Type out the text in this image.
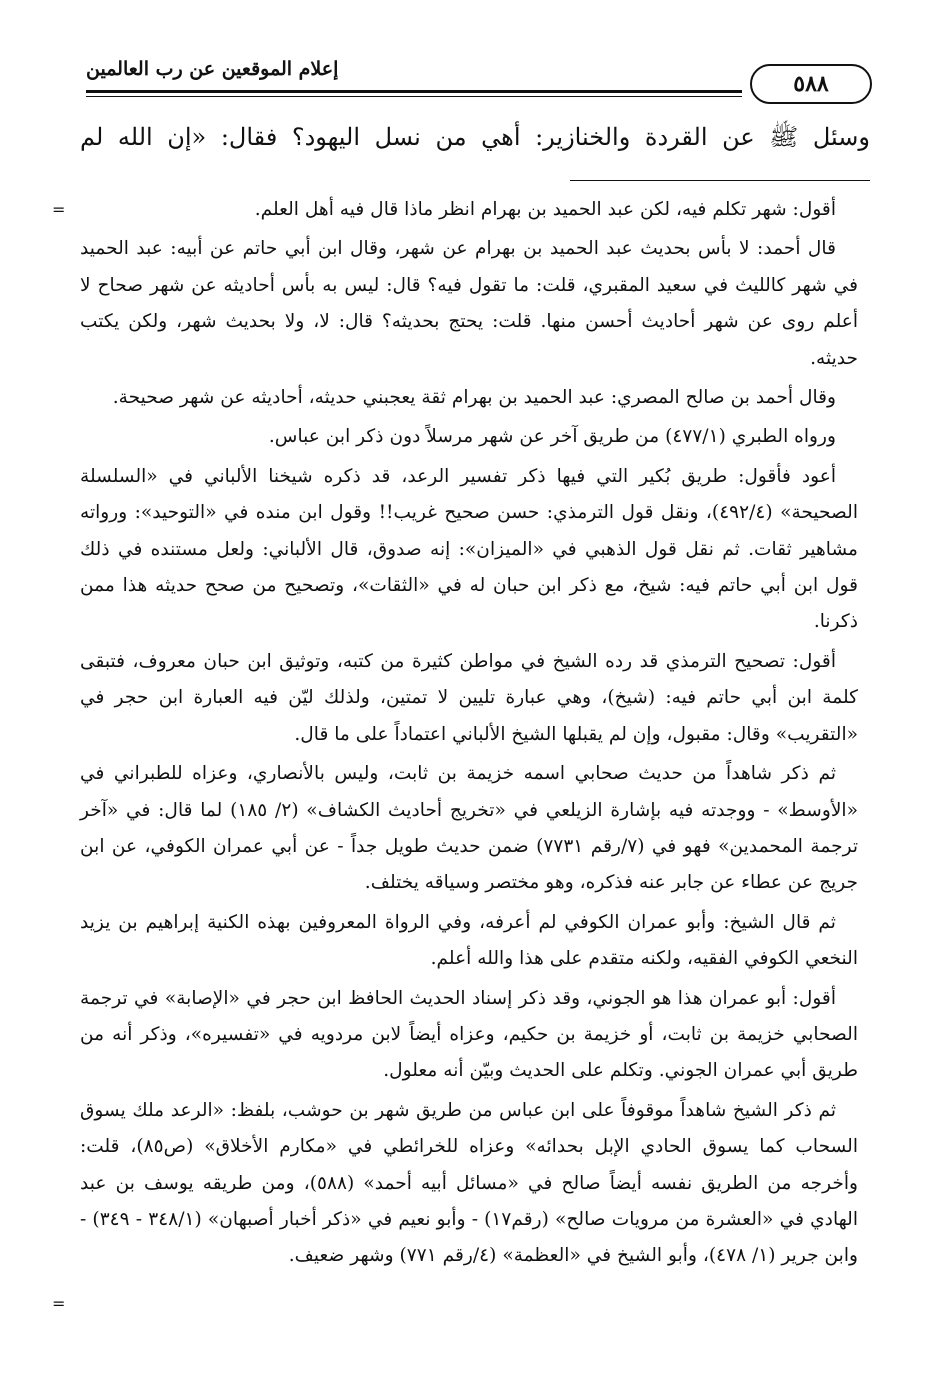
إعلام الموقعين عن رب العالمين
٥٨٨
وسئل ﷺ عن القردة والخنازير: أهي من نسل اليهود؟ فقال: «إن الله لم
=
=

أقول: شهر تكلم فيه، لكن عبد الحميد بن بهرام انظر ماذا قال فيه أهل العلم.

قال أحمد: لا بأس بحديث عبد الحميد بن بهرام عن شهر، وقال ابن أبي حاتم عن أبيه: عبد الحميد في شهر كالليث في سعيد المقبري، قلت: ما تقول فيه؟ قال: ليس به بأس أحاديثه عن شهر صحاح لا أعلم روى عن شهر أحاديث أحسن منها. قلت: يحتج بحديثه؟ قال: لا، ولا بحديث شهر، ولكن يكتب حديثه.

وقال أحمد بن صالح المصري: عبد الحميد بن بهرام ثقة يعجبني حديثه، أحاديثه عن شهر صحيحة.

ورواه الطبري (٤٧٧/١) من طريق آخر عن شهر مرسلاً دون ذكر ابن عباس.

أعود فأقول: طريق بُكير التي فيها ذكر تفسير الرعد، قد ذكره شيخنا الألباني في «السلسلة الصحيحة» (٤٩٢/٤)، ونقل قول الترمذي: حسن صحيح غريب!! وقول ابن منده في «التوحيد»: ورواته مشاهير ثقات. ثم نقل قول الذهبي في «الميزان»: إنه صدوق، قال الألباني: ولعل مستنده في ذلك قول ابن أبي حاتم فيه: شيخ، مع ذكر ابن حبان له في «الثقات»، وتصحيح من صحح حديثه هذا ممن ذكرنا.

أقول: تصحيح الترمذي قد رده الشيخ في مواطن كثيرة من كتبه، وتوثيق ابن حبان معروف، فتبقى كلمة ابن أبي حاتم فيه: (شيخ)، وهي عبارة تليين لا تمتين، ولذلك ليّن فيه العبارة ابن حجر في «التقريب» وقال: مقبول، وإن لم يقبلها الشيخ الألباني اعتماداً على ما قال.

ثم ذكر شاهداً من حديث صحابي اسمه خزيمة بن ثابت، وليس بالأنصاري، وعزاه للطبراني في «الأوسط» - ووجدته فيه بإشارة الزيلعي في «تخريج أحاديث الكشاف» (٢/ ١٨٥) لما قال: في «آخر ترجمة المحمدين» فهو في (٧/رقم ٧٧٣١) ضمن حديث طويل جداً - عن أبي عمران الكوفي، عن ابن جريج عن عطاء عن جابر عنه فذكره، وهو مختصر وسياقه يختلف.

ثم قال الشيخ: وأبو عمران الكوفي لم أعرفه، وفي الرواة المعروفين بهذه الكنية إبراهيم بن يزيد النخعي الكوفي الفقيه، ولكنه متقدم على هذا والله أعلم.

أقول: أبو عمران هذا هو الجوني، وقد ذكر إسناد الحديث الحافظ ابن حجر في «الإصابة» في ترجمة الصحابي خزيمة بن ثابت، أو خزيمة بن حكيم، وعزاه أيضاً لابن مردويه في «تفسيره»، وذكر أنه من طريق أبي عمران الجوني. وتكلم على الحديث وبيّن أنه معلول.

ثم ذكر الشيخ شاهداً موقوفاً على ابن عباس من طريق شهر بن حوشب، بلفظ: «الرعد ملك يسوق السحاب كما يسوق الحادي الإبل بحدائه» وعزاه للخرائطي في «مكارم الأخلاق» (ص٨٥)، قلت: وأخرجه من الطريق نفسه أيضاً صالح في «مسائل أبيه أحمد» (٥٨٨)، ومن طريقه يوسف بن عبد الهادي في «العشرة من مرويات صالح» (رقم١٧) - وأبو نعيم في «ذكر أخبار أصبهان» (٣٤٨/١ - ٣٤٩) - وابن جرير (١/ ٤٧٨)، وأبو الشيخ في «العظمة» (٤/رقم ٧٧١) وشهر ضعيف.
